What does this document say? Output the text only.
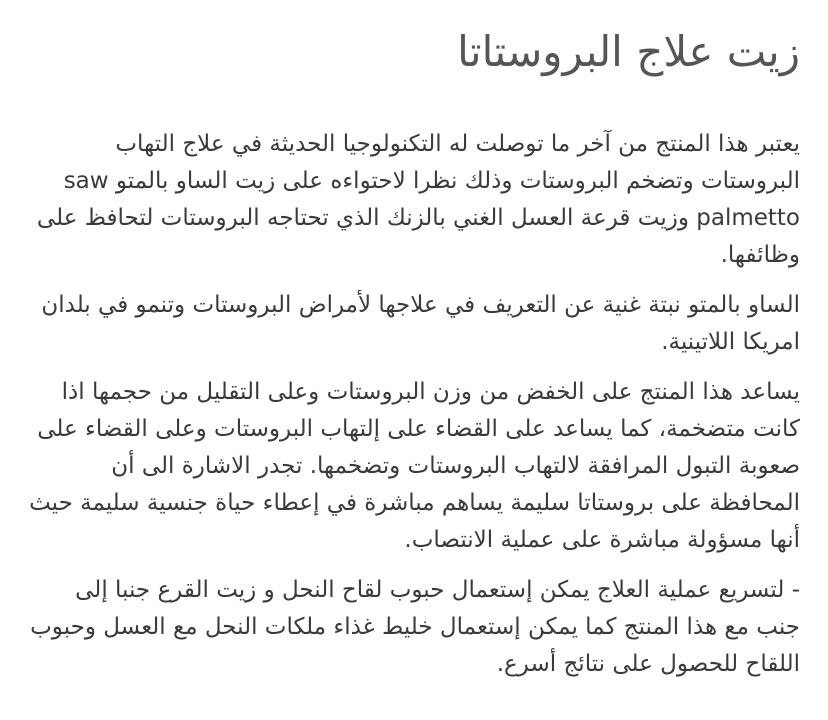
زيت علاج البروستاتا

يعتبر هذا المنتج من آخر ما توصلت له التكنولوجيا الحديثة في علاج التهاب البروستات وتضخم البروستات وذلك نظرا لاحتواءه على زيت الساو بالمتو saw palmetto وزيت قرعة العسل الغني بالزنك الذي تحتاجه البروستات لتحافظ على وظائفها.

الساو بالمتو نبتة غنية عن التعريف في علاجها لأمراض البروستات وتنمو في بلدان امريكا اللاتينية.

يساعد هذا المنتج على الخفض من وزن البروستات وعلى التقليل من حجمها اذا كانت متضخمة، كما يساعد على القضاء على إلتهاب البروستات وعلى القضاء على صعوبة التبول المرافقة لالتهاب البروستات وتضخمها. تجدر الاشارة الى أن المحافظة على بروستاتا سليمة يساهم مباشرة في إعطاء حياة جنسية سليمة حيث أنها مسؤولة مباشرة على عملية الانتصاب.

- لتسريع عملية العلاج يمكن إستعمال حبوب لقاح النحل و زيت القرع جنبا إلى جنب مع هذا المنتج كما يمكن إستعمال خليط غذاء ملكات النحل مع العسل وحبوب اللقاح للحصول على نتائج أسرع.
